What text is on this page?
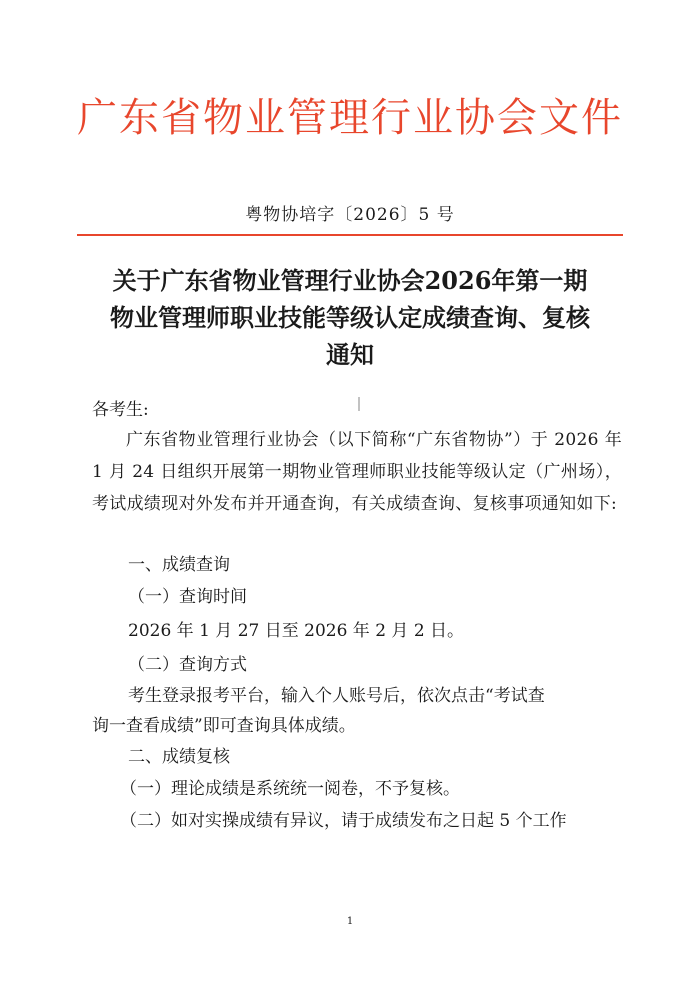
广东省物业管理行业协会文件
粤物协培字〔2026〕5 号
关于广东省物业管理行业协会2026年第一期
物业管理师职业技能等级认定成绩查询、复核
通知
各考生:
广东省物业管理行业协会（以下简称“广东省物协”）于 2026 年 1 月 24 日组织开展第一期物业管理师职业技能等级认定（广州场），考试成绩现对外发布并开通查询，有关成绩查询、复核事项通知如下:
一、成绩查询
（一）查询时间
2026 年 1 月 27 日至 2026 年 2 月 2 日。
（二）查询方式
考生登录报考平台，输入个人账号后，依次点击“考试查
询一查看成绩”即可查询具体成绩。
二、成绩复核
（一）理论成绩是系统统一阅卷，不予复核。
（二）如对实操成绩有异议，请于成绩发布之日起 5 个工作
1
